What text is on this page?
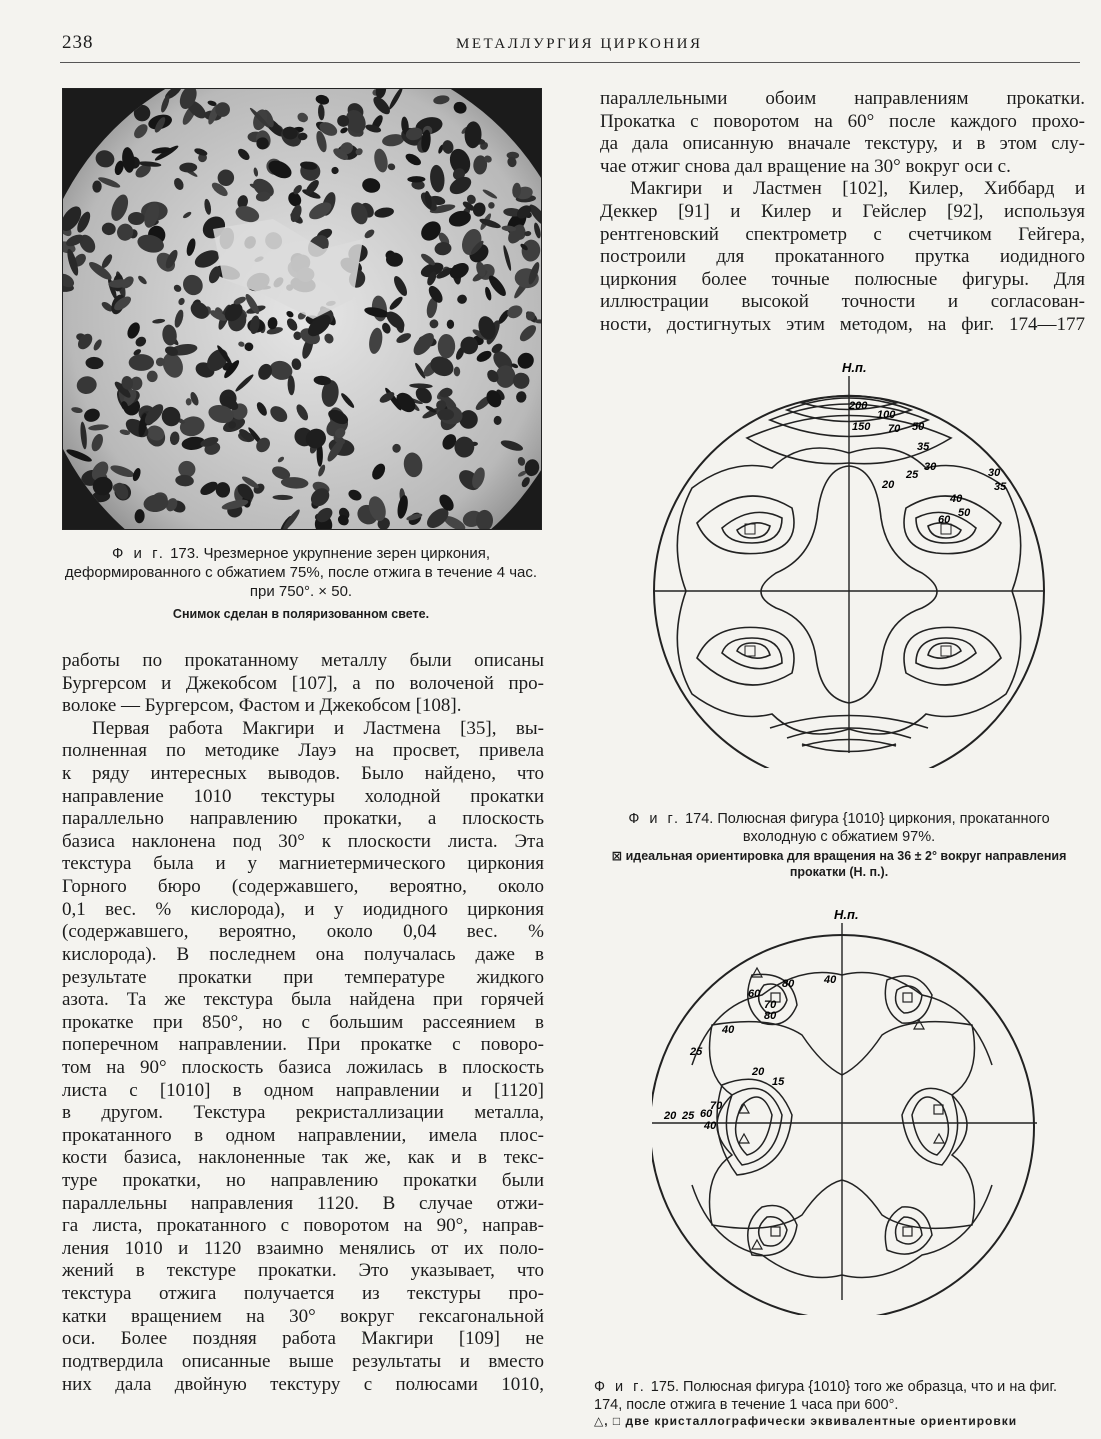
238	МЕТАЛЛУРГИЯ ЦИРКОНИЯ
Ф и г. 173. Чрезмерное укрупнение зерен циркония, деформированного с обжатием 75%, после отжига в течение 4 час. при 750°. × 50.
Снимок сделан в поляризованном свете.
работы по прокатанному металлу были описаны
Бургерсом и Джекобсом [107], а по волоченой про-
волоке — Бургерсом, Фастом и Джекобсом [108].
Первая работа Макгири и Ластмена [35], вы-
полненная по методике Лауэ на просвет, привела
к ряду интересных выводов. Было найдено, что
направление 1010 текстуры холодной прокатки
параллельно направлению прокатки, а плоскость
базиса наклонена под 30° к плоскости листа. Эта
текстура была и у магниетермического циркония
Горного бюро (содержавшего, вероятно, около
0,1 вес. % кислорода), и у иодидного циркония
(содержавшего, вероятно, около 0,04 вес. %
кислорода). В последнем она получалась даже в
результате прокатки при температуре жидкого
азота. Та же текстура была найдена при горячей
прокатке при 850°, но с большим рассеянием в
поперечном направлении. При прокатке с поворо-
том на 90° плоскость базиса ложилась в плоскость
листа с [1010] в одном направлении и [1120]
в другом. Текстура рекристаллизации металла,
прокатанного в одном направлении, имела плос-
кости базиса, наклоненные так же, как и в текс-
туре прокатки, но направлению прокатки были
параллельны направления 1120. В случае отжи-
га листа, прокатанного с поворотом на 90°, направ-
ления 1010 и 1120 взаимно менялись от их поло-
жений в текстуре прокатки. Это указывает, что
текстура отжига получается из текстуры про-
катки вращением на 30° вокруг гексагональной
оси. Более поздняя работа Макгири [109] не
подтвердила описанные выше результаты и вместо
них дала двойную текстуру с полюсами 1010,
параллельными обоим направлениям прокатки.
Прокатка с поворотом на 60° после каждого прохо-
да дала описанную вначале текстуру, и в этом слу-
чае отжиг снова дал вращение на 30° вокруг оси с.
Макгири и Ластмен [102], Килер, Хиббард и
Деккер [91] и Килер и Гейслер [92], используя
рентгеновский спектрометр с счетчиком Гейгера,
построили для прокатанного прутка иодидного
циркония более точные полюсные фигуры. Для
иллюстрации высокой точности и согласован-
ности, достигнутых этим методом, на фиг. 174—177
Н.п.
200
100
150 70 50
35
30
25
20
30
35
40
50
60
Ф и г. 174. Полюсная фигура {1010} циркония, прокатанного вхолодную с обжатием 97%.
⊠ идеальная ориентировка для вращения на 36 ± 2° вокруг направления прокатки (Н. п.).
Н.п.
60
80
70
80
40
40
25
20
15
20 25 60
70
40
Ф и г. 175. Полюсная фигура {1010} того же образца, что и на фиг. 174, после отжига в течение 1 часа при 600°.
△, □ две кристаллографически эквивалентные ориентировки
